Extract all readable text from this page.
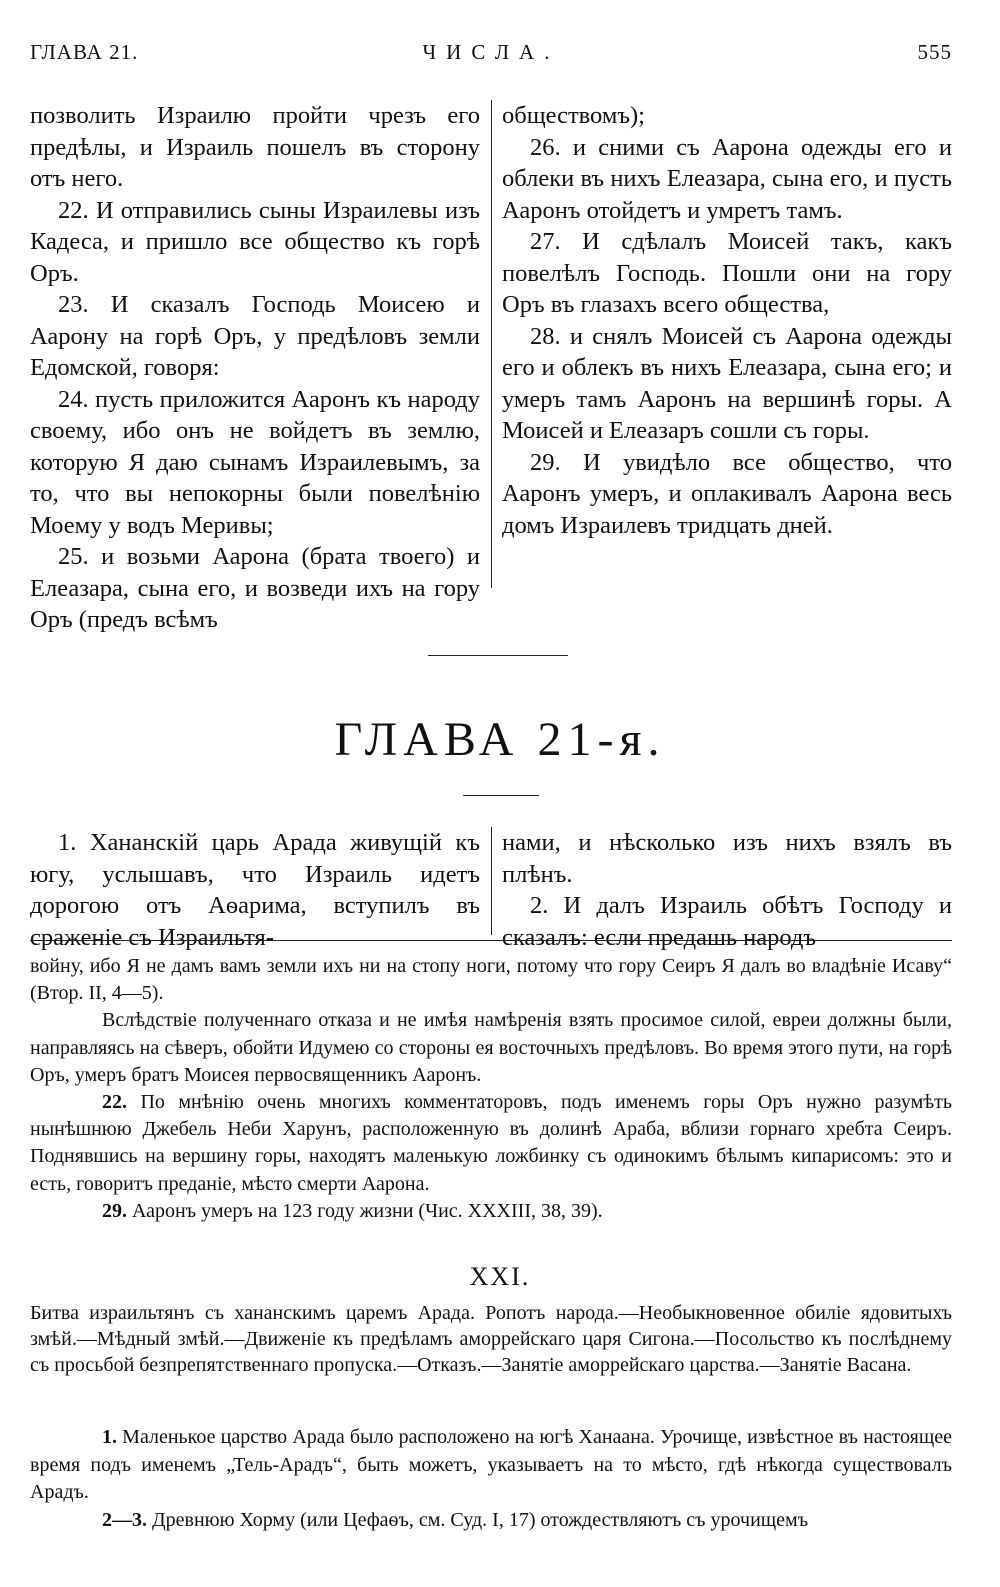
ГЛАВА 21.	ЧИСЛА.	555

позволить Израилю пройти чрезъ его предѣлы, и Израиль пошелъ въ сторону отъ него.

22. И отправились сыны Израилевы изъ Кадеса, и пришло все общество къ горѣ Оръ.

23. И сказалъ Господь Моисею и Аарону на горѣ Оръ, у предѣловъ земли Едомской, говоря:

24. пусть приложится Ааронъ къ народу своему, ибо онъ не войдетъ въ землю, которую Я даю сынамъ Израилевымъ, за то, что вы непокорны были повелѣнію Моему у водъ Меривы;

25. и возьми Аарона (брата твоего) и Елеазара, сына его, и возведи ихъ на гору Оръ (предъ всѣмъ

обществомъ);

26. и сними съ Аарона одежды его и облеки въ нихъ Елеазара, сына его, и пусть Ааронъ отойдетъ и умретъ тамъ.

27. И сдѣлалъ Моисей такъ, какъ повелѣлъ Господь. Пошли они на гору Оръ въ глазахъ всего общества,

28. и снялъ Моисей съ Аарона одежды его и облекъ въ нихъ Елеазара, сына его; и умеръ тамъ Ааронъ на вершинѣ горы. А Моисей и Елеазаръ сошли съ горы.

29. И увидѣло все общество, что Ааронъ умеръ, и оплакивалъ Аарона весь домъ Израилевъ тридцать дней.

ГЛАВА 21-я.

1. Хананскій царь Арада живущій къ югу, услышавъ, что Израиль идетъ дорогою отъ Аѳарима, вступилъ въ сраженіе съ Израильтя-

нами, и нѣсколько изъ нихъ взялъ въ плѣнъ.

2. И далъ Израиль обѣтъ Господу и сказалъ: если предашь народъ

войну, ибо Я не дамъ вамъ земли ихъ ни на стопу ноги, потому что гору Сеиръ Я далъ во владѣніе Исаву“ (Втор. II, 4—5).

Вслѣдствіе полученнаго отказа и не имѣя намѣренія взять просимое силой, евреи должны были, направляясь на сѣверъ, обойти Идумею со стороны ея восточныхъ предѣловъ. Во время этого пути, на горѣ Оръ, умеръ братъ Моисея первосвященникъ Ааронъ.

22. По мнѣнію очень многихъ комментаторовъ, подъ именемъ горы Оръ нужно разумѣть нынѣшнюю Джебель Неби Харунъ, расположенную въ долинѣ Араба, вблизи горнаго хребта Сеиръ. Поднявшись на вершину горы, находятъ маленькую ложбинку съ одинокимъ бѣлымъ кипарисомъ: это и есть, говоритъ преданіе, мѣсто смерти Аарона.

29. Ааронъ умеръ на 123 году жизни (Чис. XXXIII, 38, 39).

XXI.

Битва израильтянъ съ хананскимъ царемъ Арада. Ропотъ народа.—Необыкновенное обиліе ядовитыхъ змѣй.—Мѣдный змѣй.—Движеніе къ предѣламъ аморрейскаго царя Сигона.—Посольство къ послѣднему съ просьбой безпрепятственнаго пропуска.—Отказъ.—Занятіе аморрейскаго царства.—Занятіе Васана.

1. Маленькое царство Арада было расположено на югѣ Ханаана. Урочище, извѣстное въ настоящее время подъ именемъ „Тель-Арадъ“, быть можетъ, указываетъ на то мѣсто, гдѣ нѣкогда существовалъ Арадъ.

2—3. Древнюю Хорму (или Цефаѳъ, см. Суд. I, 17) отождествляютъ съ урочищемъ
